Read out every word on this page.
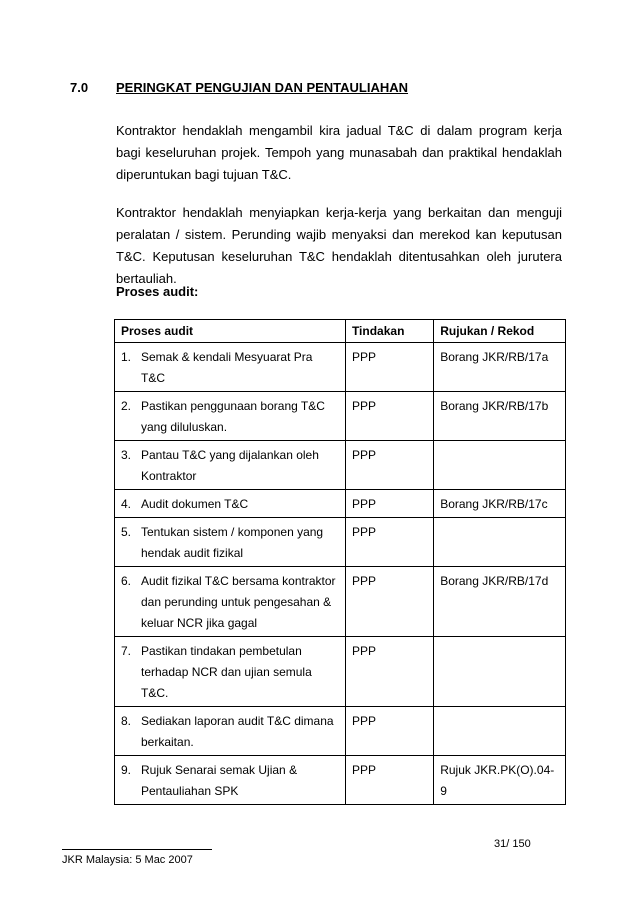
7.0 PERINGKAT PENGUJIAN DAN PENTAULIAHAN

Kontraktor hendaklah mengambil kira jadual T&C di dalam program kerja bagi keseluruhan projek. Tempoh yang munasabah dan praktikal hendaklah diperuntukan bagi tujuan T&C.

Kontraktor hendaklah menyiapkan kerja-kerja yang berkaitan dan menguji peralatan / sistem. Perunding wajib menyaksi dan merekod kan keputusan T&C. Keputusan keseluruhan T&C hendaklah ditentusahkan oleh jurutera bertauliah.

Proses audit:
Proses audit	Tindakan	Rujukan / Rekod

1. Semak & kendali Mesyuarat Pra T&C	PPP	Borang JKR/RB/17a

2. Pastikan penggunaan borang T&C yang diluluskan.	PPP	Borang JKR/RB/17b

3. Pantau T&C yang dijalankan oleh Kontraktor	PPP	

4. Audit dokumen T&C	PPP	Borang JKR/RB/17c

5. Tentukan sistem / komponen yang hendak audit fizikal	PPP	

6. Audit fizikal T&C bersama kontraktor dan perunding untuk pengesahan & keluar NCR jika gagal	PPP	Borang JKR/RB/17d

7. Pastikan tindakan pembetulan terhadap NCR dan ujian semula T&C.	PPP	

8. Sediakan laporan audit T&C dimana berkaitan.	PPP	

9. Rujuk Senarai semak Ujian & Pentauliahan SPK	PPP	Rujuk JKR.PK(O).04-9
31/ 150
JKR Malaysia: 5 Mac 2007
